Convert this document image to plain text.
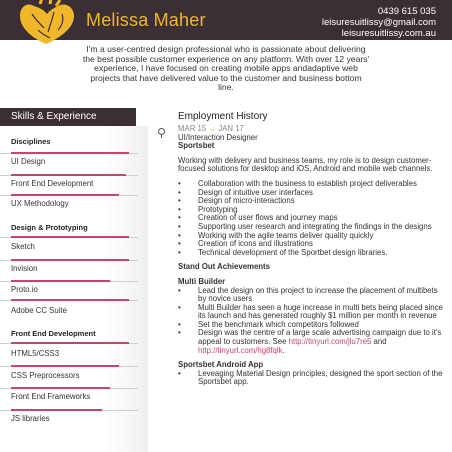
Melissa Maher	0439 615 035
leisuresuitlissy@gmail.com
leisuresuitlissy.com.au
I'm a user-centred design professional who is passionate about delivering the best possible customer experience on any platform. With over 12 years' experience, I have focused on creating mobile apps andadaptive web projects that have delivered value to the customer and business bottom line.
Skills & Experience
Disciplines
UI Design
Front End Development
UX Methodology
Design & Prototyping
Sketch
Invision
Proto.io
Adobe CC Suite
Front End Development
HTML5/CSS3
CSS Preprocessors
Front End Frameworks
JS libraries
Employment History
MAR 15 → JAN 17
UI/Interaction Designer
Sportsbet
Working with delivery and business teams, my role is to design customer-focused solutions for desktop and iOS, Android and mobile web channels.
• Collaboration with the business to establish project deliverables
• Design of intuitive user interfaces
• Design of micro-interactions
• Prototyping
• Creation of user flows and journey maps
• Supporting user research and integrating the findings in the designs
• Working with the agile teams deliver quality quickly
• Creation of icons and illustrations
• Technical development of the Sportbet design libraries.
Stand Out Achievements
Multi Builder
• Lead the design on this project to increase the placement of multibets by novice users
• Multi Builder has seen a huge increase in multi bets being placed since its launch and has generated roughly $1 million per month in revenue
• Set the benchmark which competitors followed
• Design was the centre of a large scale advertising campaign due to it's appeal to customers. See http://tinyurl.com/jlu7re5 and http://tinyurl.com/hg8fqlk.
Sportsbet Android App
• Leveaging Material Design principles, designed the sport section of the Sportsbet app.
